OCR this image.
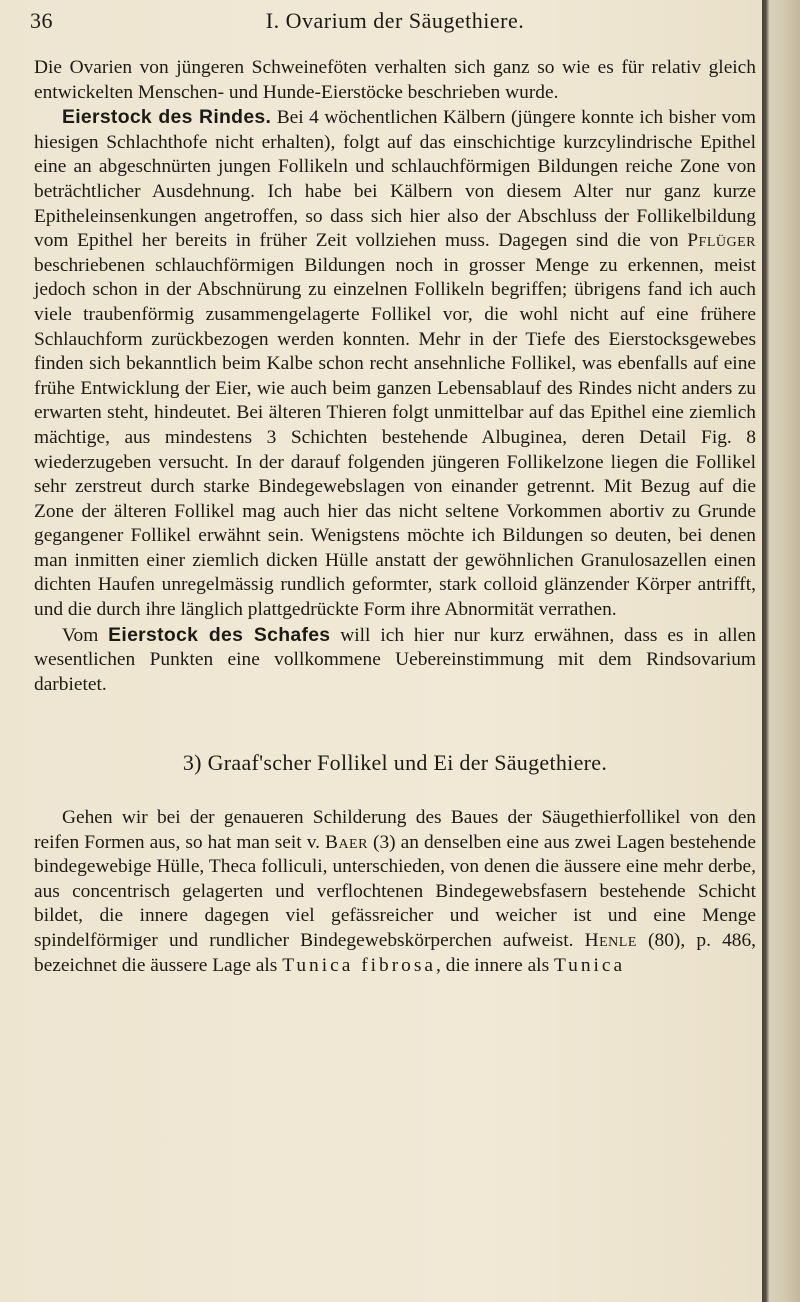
36	I. Ovarium der Säugethiere.

Die Ovarien von jüngeren Schweineföten verhalten sich ganz so wie es für relativ gleich entwickelten Menschen- und Hunde-Eierstöcke beschrieben wurde.

Eierstock des Rindes. Bei 4 wöchentlichen Kälbern (jüngere konnte ich bisher vom hiesigen Schlachthofe nicht erhalten), folgt auf das einschichtige kurzcylindrische Epithel eine an abgeschnürten jungen Follikeln und schlauchförmigen Bildungen reiche Zone von beträchtlicher Ausdehnung. Ich habe bei Kälbern von diesem Alter nur ganz kurze Epitheleinsenkungen angetroffen, so dass sich hier also der Abschluss der Follikelbildung vom Epithel her bereits in früher Zeit vollziehen muss. Dagegen sind die von Pflüger beschriebenen schlauchförmigen Bildungen noch in grosser Menge zu erkennen, meist jedoch schon in der Abschnürung zu einzelnen Follikeln begriffen; übrigens fand ich auch viele traubenförmig zusammengelagerte Follikel vor, die wohl nicht auf eine frühere Schlauchform zurückbezogen werden konnten. Mehr in der Tiefe des Eierstocksgewebes finden sich bekanntlich beim Kalbe schon recht ansehnliche Follikel, was ebenfalls auf eine frühe Entwicklung der Eier, wie auch beim ganzen Lebensablauf des Rindes nicht anders zu erwarten steht, hindeutet. Bei älteren Thieren folgt unmittelbar auf das Epithel eine ziemlich mächtige, aus mindestens 3 Schichten bestehende Albuginea, deren Detail Fig. 8 wiederzugeben versucht. In der darauf folgenden jüngeren Follikelzone liegen die Follikel sehr zerstreut durch starke Bindegewebslagen von einander getrennt. Mit Bezug auf die Zone der älteren Follikel mag auch hier das nicht seltene Vorkommen abortiv zu Grunde gegangener Follikel erwähnt sein. Wenigstens möchte ich Bildungen so deuten, bei denen man inmitten einer ziemlich dicken Hülle anstatt der gewöhnlichen Granulosazellen einen dichten Haufen unregelmässig rundlich geformter, stark colloid glänzender Körper antrifft, und die durch ihre länglich plattgedrückte Form ihre Abnormität verrathen.

Vom Eierstock des Schafes will ich hier nur kurz erwähnen, dass es in allen wesentlichen Punkten eine vollkommene Uebereinstimmung mit dem Rindsovarium darbietet.

3) Graaf'scher Follikel und Ei der Säugethiere.

Gehen wir bei der genaueren Schilderung des Baues der Säugethierfollikel von den reifen Formen aus, so hat man seit v. Baer (3) an denselben eine aus zwei Lagen bestehende bindegewebige Hülle, Theca folliculi, unterschieden, von denen die äussere eine mehr derbe, aus concentrisch gelagerten und verflochtenen Bindegewebsfasern bestehende Schicht bildet, die innere dagegen viel gefässreicher und weicher ist und eine Menge spindelförmiger und rundlicher Bindegewebskörperchen aufweist. Henle (80), p. 486, bezeichnet die äussere Lage als Tunica fibrosa, die innere als Tunica
